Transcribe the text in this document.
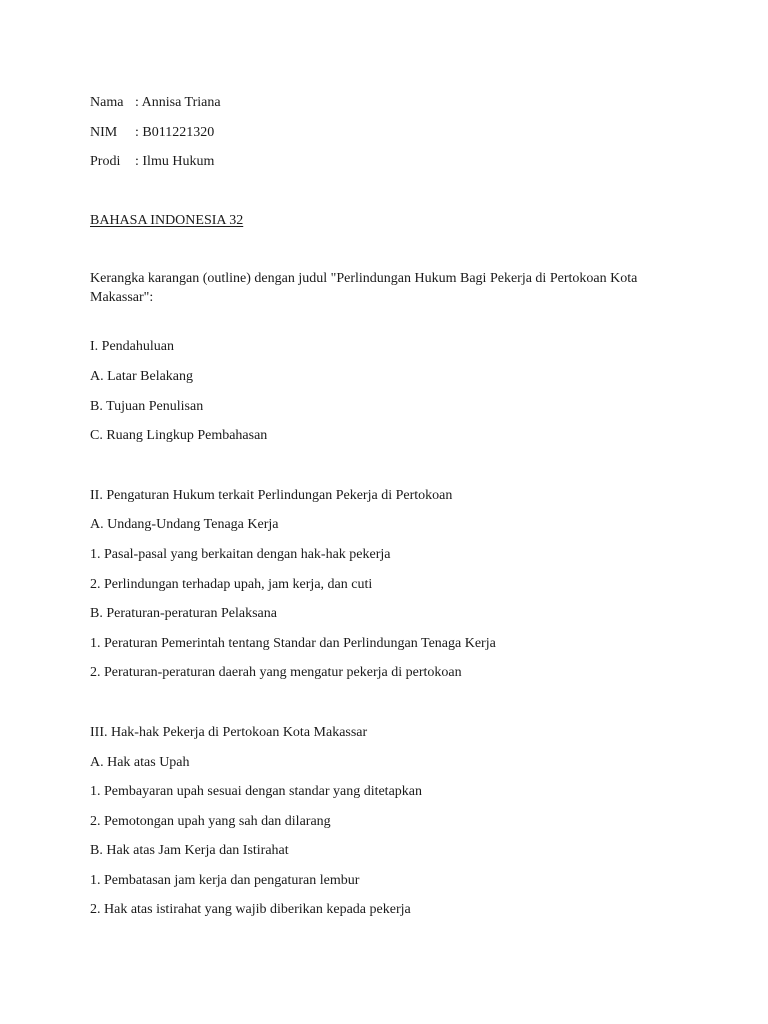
Nama : Annisa Triana
NIM	: B011221320
Prodi	: Ilmu Hukum
BAHASA INDONESIA 32
Kerangka karangan (outline) dengan judul "Perlindungan Hukum Bagi Pekerja di Pertokoan Kota Makassar":
I. Pendahuluan
A. Latar Belakang
B. Tujuan Penulisan
C. Ruang Lingkup Pembahasan
II. Pengaturan Hukum terkait Perlindungan Pekerja di Pertokoan
A. Undang-Undang Tenaga Kerja
1. Pasal-pasal yang berkaitan dengan hak-hak pekerja
2. Perlindungan terhadap upah, jam kerja, dan cuti
B. Peraturan-peraturan Pelaksana
1. Peraturan Pemerintah tentang Standar dan Perlindungan Tenaga Kerja
2. Peraturan-peraturan daerah yang mengatur pekerja di pertokoan
III. Hak-hak Pekerja di Pertokoan Kota Makassar
A. Hak atas Upah
1. Pembayaran upah sesuai dengan standar yang ditetapkan
2. Pemotongan upah yang sah dan dilarang
B. Hak atas Jam Kerja dan Istirahat
1. Pembatasan jam kerja dan pengaturan lembur
2. Hak atas istirahat yang wajib diberikan kepada pekerja
